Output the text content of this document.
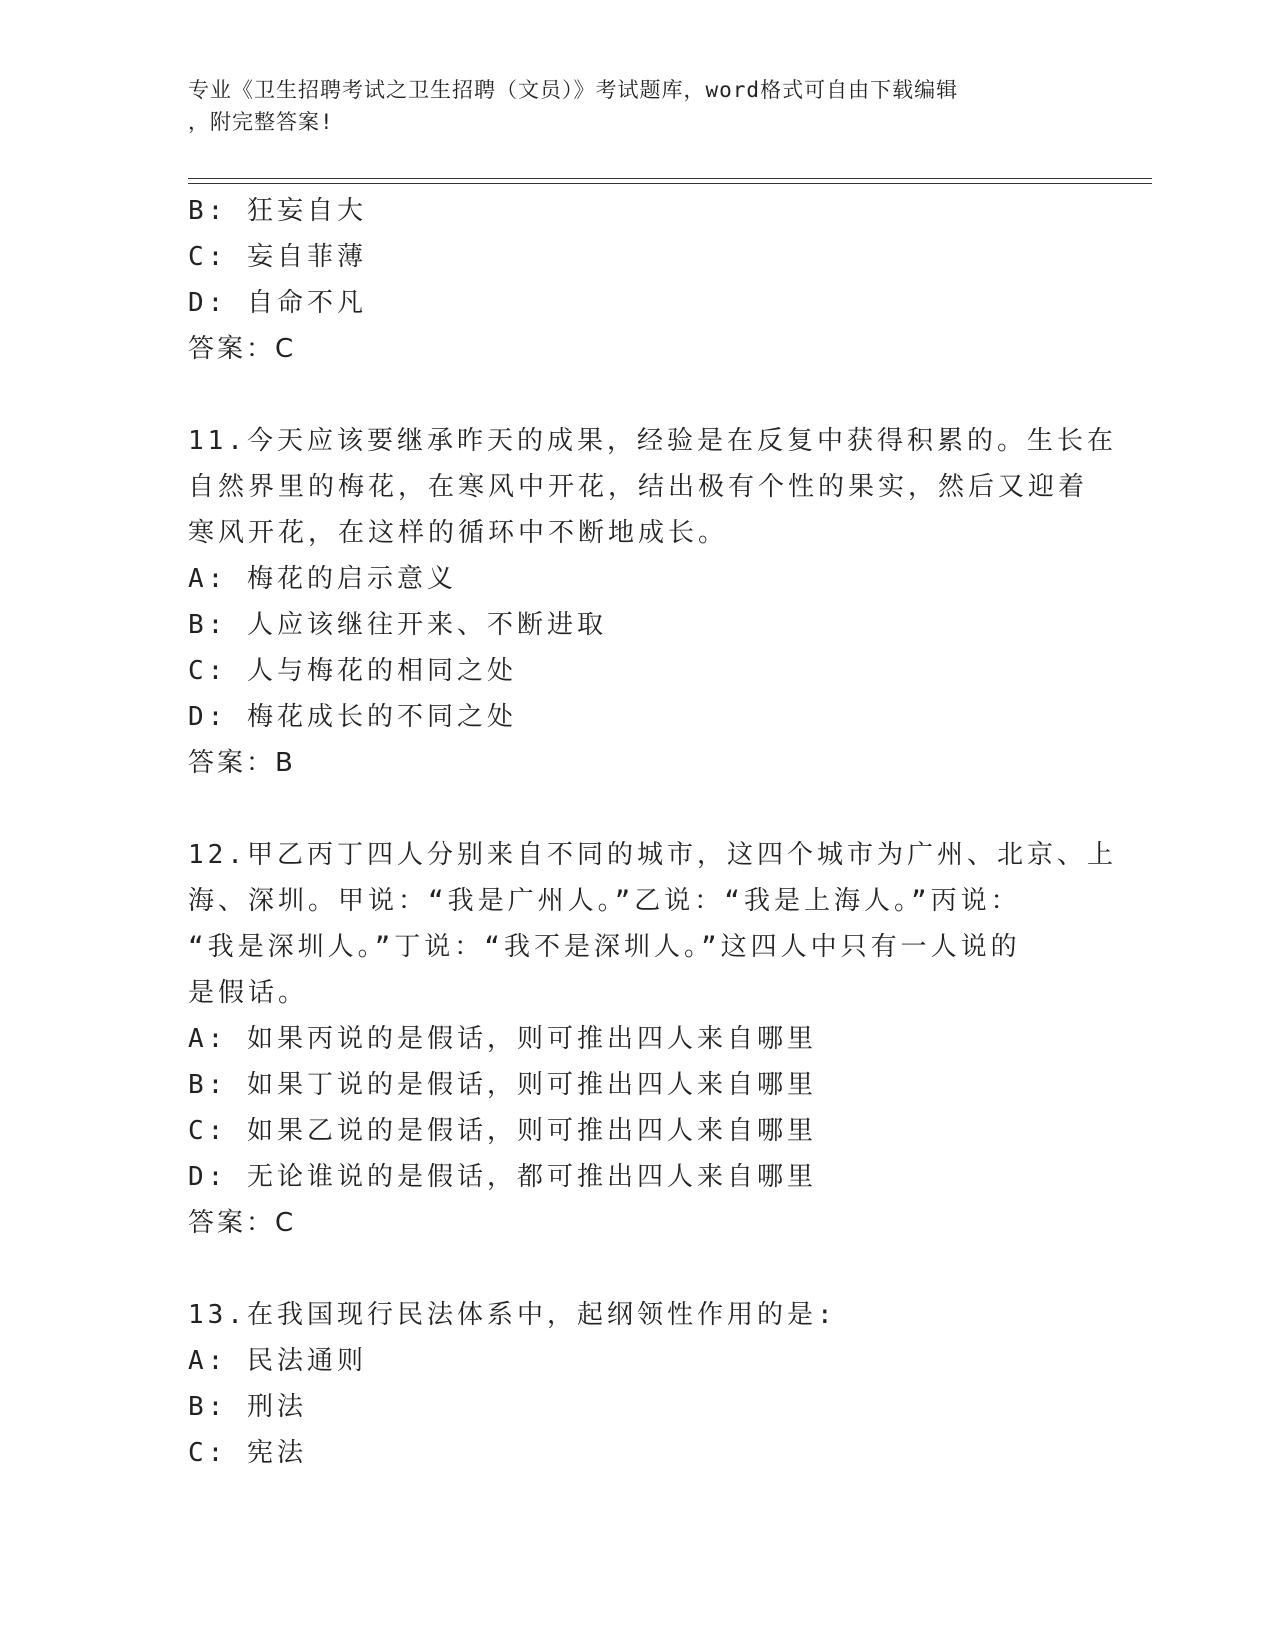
专业《卫生招聘考试之卫生招聘（文员）》考试题库，word格式可自由下载编辑
，附完整答案!
B: 狂妄自大
C: 妄自菲薄
D: 自命不凡
答案：C
11.今天应该要继承昨天的成果，经验是在反复中获得积累的。生长在
自然界里的梅花，在寒风中开花，结出极有个性的果实，然后又迎着
寒风开花，在这样的循环中不断地成长。
A: 梅花的启示意义
B: 人应该继往开来、不断进取
C: 人与梅花的相同之处
D: 梅花成长的不同之处
答案：B
12.甲乙丙丁四人分别来自不同的城市，这四个城市为广州、北京、上
海、深圳。甲说：“我是广州人。”乙说：“我是上海人。”丙说：
“我是深圳人。”丁说：“我不是深圳人。”这四人中只有一人说的
是假话。
A: 如果丙说的是假话，则可推出四人来自哪里
B: 如果丁说的是假话，则可推出四人来自哪里
C: 如果乙说的是假话，则可推出四人来自哪里
D: 无论谁说的是假话，都可推出四人来自哪里
答案：C
13.在我国现行民法体系中，起纲领性作用的是:
A: 民法通则
B: 刑法
C: 宪法
